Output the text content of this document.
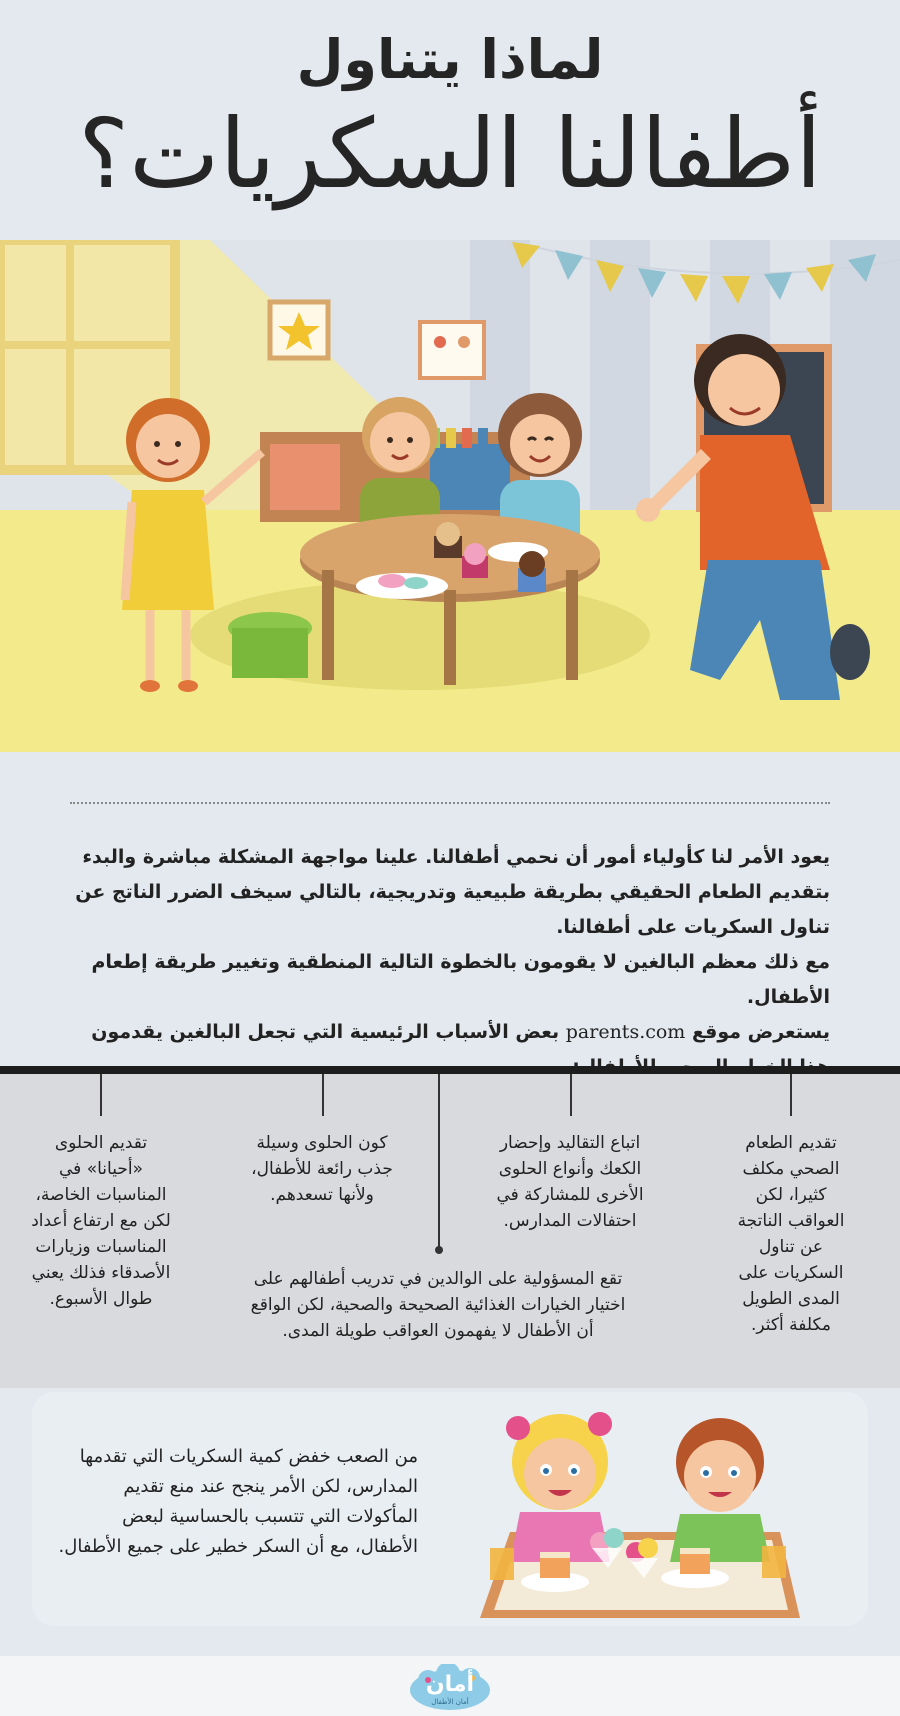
لماذا يتناول
أطفالنا السكريات؟

يعود الأمر لنا كأولياء أمور أن نحمي أطفالنا. علينا مواجهة المشكلة مباشرة والبدء بتقديم الطعام الحقيقي بطريقة طبيعية وتدريجية، بالتالي سيخف الضرر الناتج عن تناول السكريات على أطفالنا.

مع ذلك معظم البالغين لا يقومون بالخطوة التالية المنطقية وتغيير طريقة إطعام الأطفال.

يستعرض موقع parents.com بعض الأسباب الرئيسية التي تجعل البالغين يقدمون

تقديم الطعام الصحي مكلف كثيرا، لكن العواقب الناتجة عن تناول السكريات على المدى الطويل مكلفة أكثر.
اتباع التقاليد وإحضار الكعك وأنواع الحلوى الأخرى للمشاركة في احتفالات المدارس.
كون الحلوى وسيلة جذب رائعة للأطفال، ولأنها تسعدهم.
تقديم الحلوى «أحيانا» في المناسبات الخاصة، لكن مع ارتفاع أعداد المناسبات وزيارات الأصدقاء فذلك يعني طوال الأسبوع.
تقع المسؤولية على الوالدين في تدريب أطفالهم على اختيار الخيارات الغذائية الصحيحة والصحية، لكن الواقع أن الأطفال لا يفهمون العواقب طويلة المدى.
من الصعب خفض كمية السكريات التي تقدمها المدارس، لكن الأمر ينجح عند منع تقديم المأكولات التي تتسبب بالحساسية لبعض الأطفال، مع أن السكر خطير على جميع الأطفال.
أمان
أمان الأطفال
